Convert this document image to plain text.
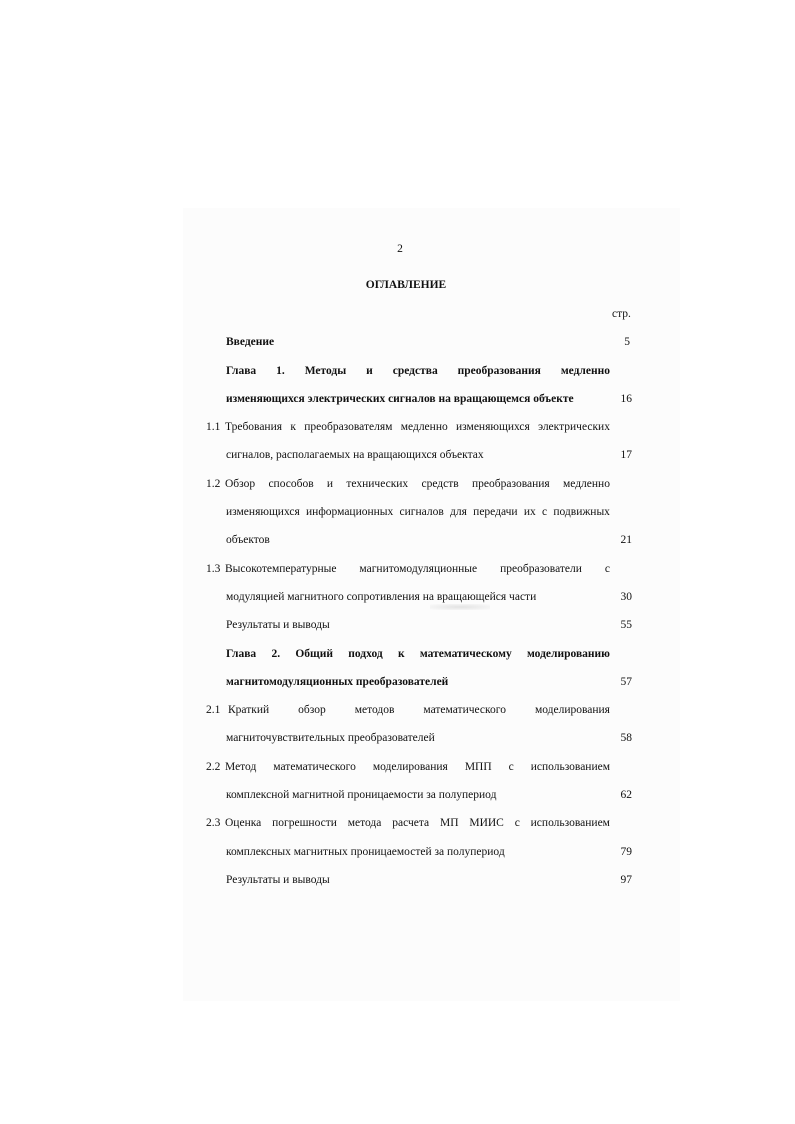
2
ОГЛАВЛЕНИЕ
стр.
Введение	5
Глава 1. Методы и средства преобразования медленно
изменяющихся электрических сигналов на вращающемся объекте	16
1.1 Требования к преобразователям медленно изменяющихся электрических
сигналов, располагаемых на вращающихся объектах	17
1.2 Обзор способов и технических средств преобразования медленно
изменяющихся информационных сигналов для передачи их с подвижных
объектов	21
1.3 Высокотемпературные магнитомодуляционные преобразователи с
модуляцией магнитного сопротивления на вращающейся части	30
Результаты и выводы	55
Глава 2. Общий подход к математическому моделированию
магнитомодуляционных преобразователей	57
2.1 Краткий	обзор	методов	математического	моделирования
магниточувствительных преобразователей	58
2.2 Метод математического моделирования МПП с использованием
комплексной магнитной проницаемости за полупериод	62
2.3 Оценка погрешности метода расчета МП МИИС с использованием
комплексных магнитных проницаемостей за полупериод	79
Результаты и выводы	97
